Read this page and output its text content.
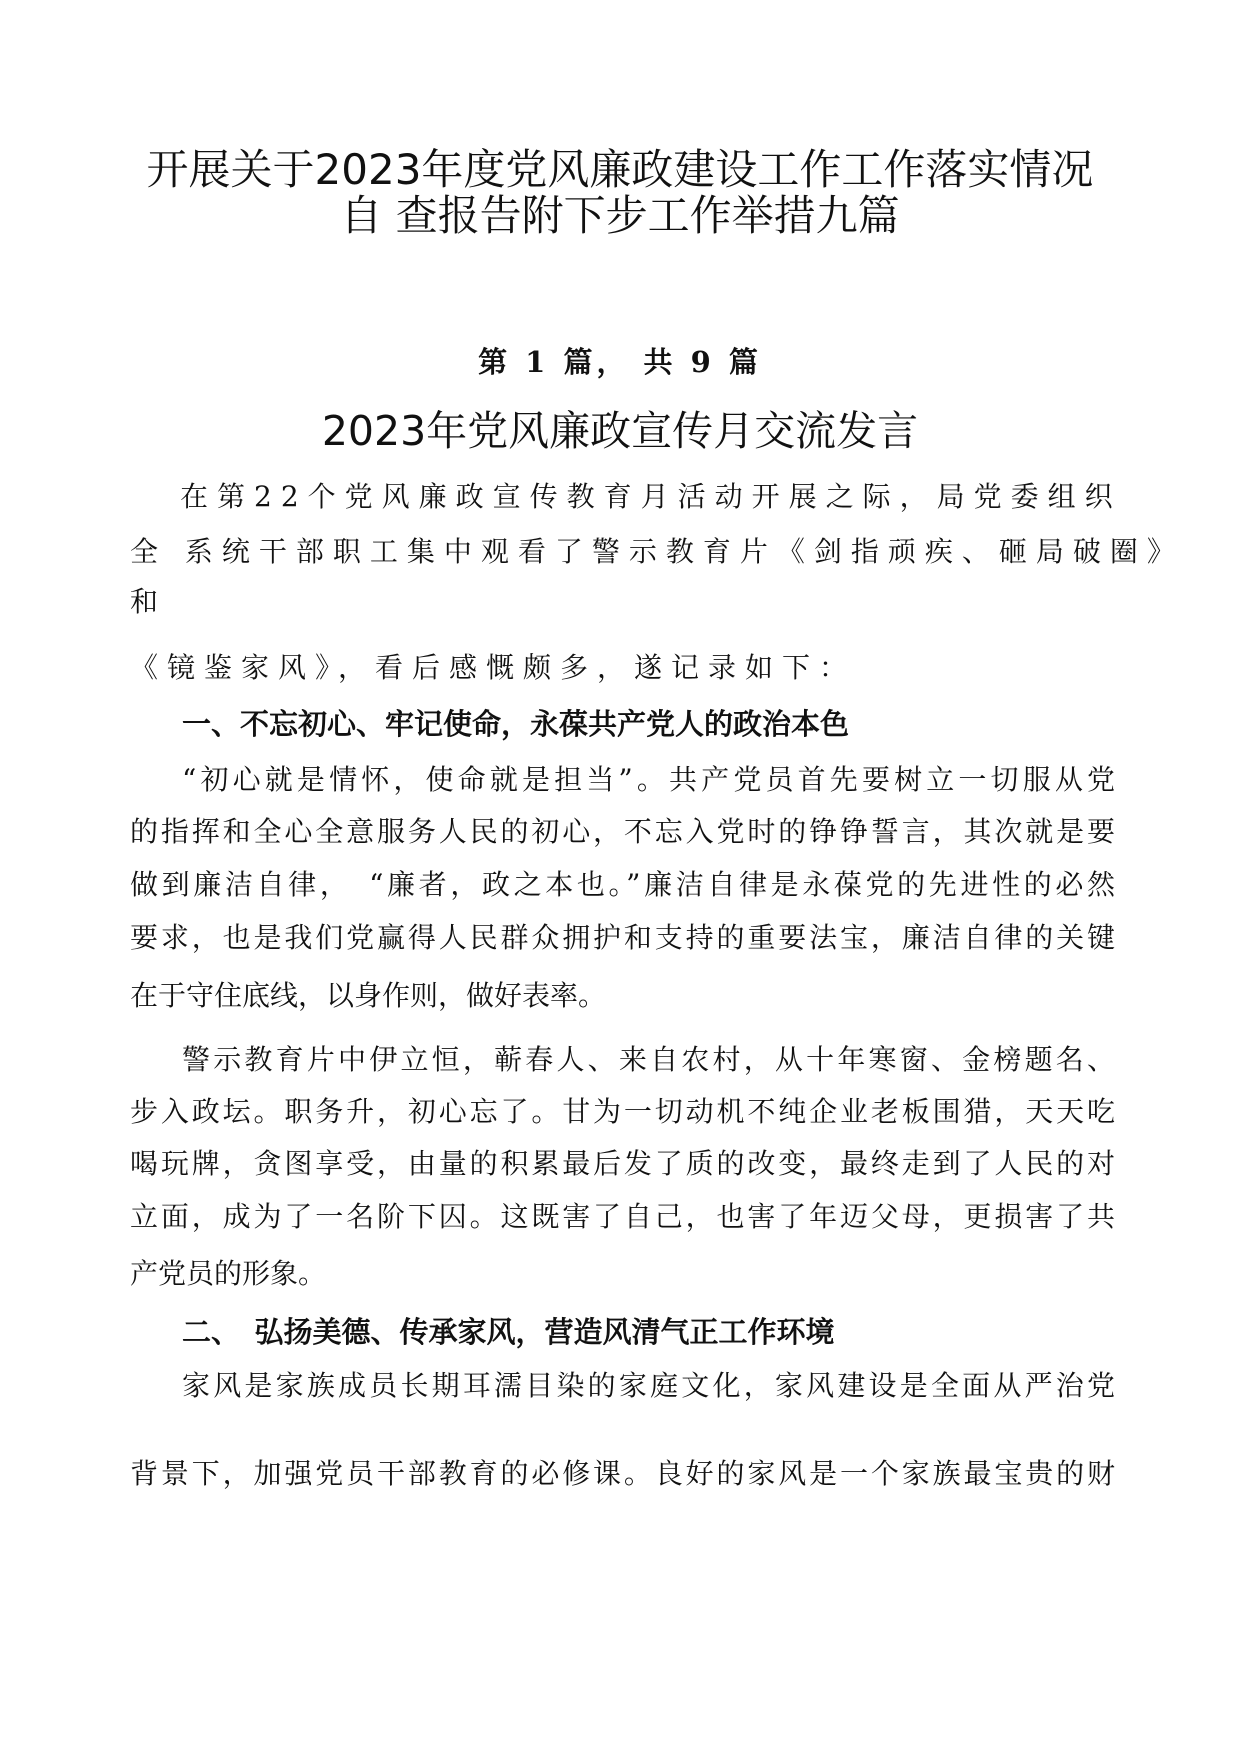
开展关于2023年度党风廉政建设工作工作落实情况

自 查报告附下步工作举措九篇

第 1 篇， 共 9 篇

2023年党风廉政宣传月交流发言

在第22个党风廉政宣传教育月活动开展之际，局党委组织

全 系统干部职工集中观看了警示教育片《剑指顽疾、砸局破圈》

和

《镜鉴家风》，看后感慨颇多，遂记录如下：

一、不忘初心、牢记使命，永葆共产党人的政治本色

“初心就是情怀，使命就是担当”。共产党员首先要树立一切服从党

的指挥和全心全意服务人民的初心，不忘入党时的铮铮誓言，其次就是要

做到廉洁自律，　“廉者，政之本也。”廉洁自律是永葆党的先进性的必然

要求，也是我们党赢得人民群众拥护和支持的重要法宝，廉洁自律的关键

在于守住底线，以身作则，做好表率。

警示教育片中伊立恒，蕲春人、来自农村，从十年寒窗、金榜题名、

步入政坛。职务升，初心忘了。甘为一切动机不纯企业老板围猎，天天吃

喝玩牌，贪图享受，由量的积累最后发了质的改变，最终走到了人民的对

立面，成为了一名阶下囚。这既害了自己，也害了年迈父母，更损害了共

产党员的形象。

二、　弘扬美德、传承家风，营造风清气正工作环境

家风是家族成员长期耳濡目染的家庭文化，家风建设是全面从严治党

背景下，加强党员干部教育的必修课。良好的家风是一个家族最宝贵的财
